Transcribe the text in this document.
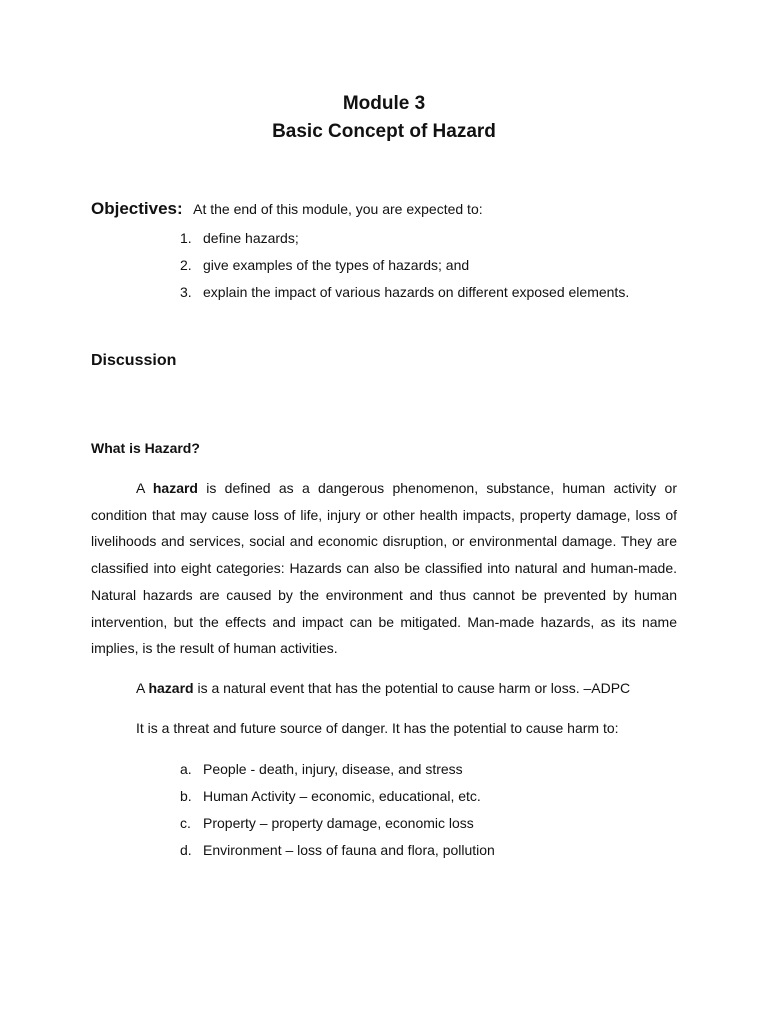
Module 3
Basic Concept of Hazard
Objectives: At the end of this module, you are expected to:
1. define hazards;
2. give examples of the types of hazards; and
3. explain the impact of various hazards on different exposed elements.
Discussion
What is Hazard?

A hazard is defined as a dangerous phenomenon, substance, human activity or condition that may cause loss of life, injury or other health impacts, property damage, loss of livelihoods and services, social and economic disruption, or environmental damage. They are classified into eight categories: Hazards can also be classified into natural and human-made. Natural hazards are caused by the environment and thus cannot be prevented by human intervention, but the effects and impact can be mitigated. Man-made hazards, as its name implies, is the result of human activities.

A hazard is a natural event that has the potential to cause harm or loss. –ADPC

It is a threat and future source of danger. It has the potential to cause harm to:

a. People - death, injury, disease, and stress
b. Human Activity – economic, educational, etc.
c. Property – property damage, economic loss
d. Environment – loss of fauna and flora, pollution
